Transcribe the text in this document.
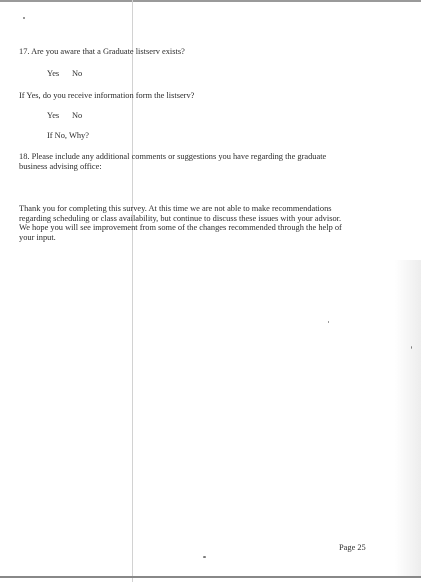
17. Are you aware that a Graduate listserv exists?

Yes No

If Yes, do you receive information form the listserv?

Yes No

If No, Why?

18. Please include any additional comments or suggestions you have regarding the graduate
business advising office:
Thank you for completing this survey. At this time we are not able to make recommendations
regarding scheduling or class availability, but continue to discuss these issues with your advisor.
We hope you will see improvement from some of the changes recommended through the help of
your input.

Page 25
